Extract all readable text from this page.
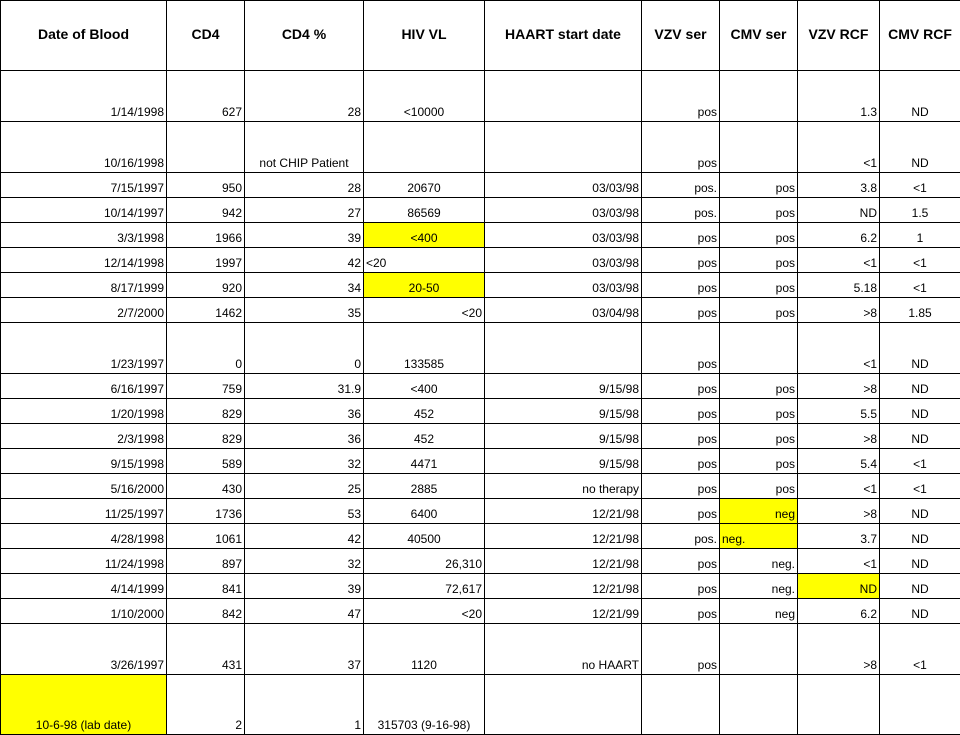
Date of Blood	CD4	CD4 %	HIV VL	HAART start date	VZV ser	CMV ser	VZV RCF	CMV RCF
1/14/1998	627	28	<10000		pos		1.3	ND
10/16/1998		not CHIP Patient			pos		<1	ND
7/15/1997	950	28	20670	03/03/98	pos.	pos	3.8	<1
10/14/1997	942	27	86569	03/03/98	pos.	pos	ND	1.5
3/3/1998	1966	39	<400	03/03/98	pos	pos	6.2	1
12/14/1998	1997	42	<20	03/03/98	pos	pos	<1	<1
8/17/1999	920	34	20-50	03/03/98	pos	pos	5.18	<1
2/7/2000	1462	35	<20	03/04/98	pos	pos	>8	1.85
1/23/1997	0	0	133585		pos		<1	ND
6/16/1997	759	31.9	<400	9/15/98	pos	pos	>8	ND
1/20/1998	829	36	452	9/15/98	pos	pos	5.5	ND
2/3/1998	829	36	452	9/15/98	pos	pos	>8	ND
9/15/1998	589	32	4471	9/15/98	pos	pos	5.4	<1
5/16/2000	430	25	2885	no therapy	pos	pos	<1	<1
11/25/1997	1736	53	6400	12/21/98	pos	neg	>8	ND
4/28/1998	1061	42	40500	12/21/98	pos.	neg.	3.7	ND
11/24/1998	897	32	26,310	12/21/98	pos	neg.	<1	ND
4/14/1999	841	39	72,617	12/21/98	pos	neg.	ND	ND
1/10/2000	842	47	<20	12/21/99	pos	neg	6.2	ND
3/26/1997	431	37	1120	no HAART	pos		>8	<1
10-6-98 (lab date)	2	1	315703 (9-16-98)					
